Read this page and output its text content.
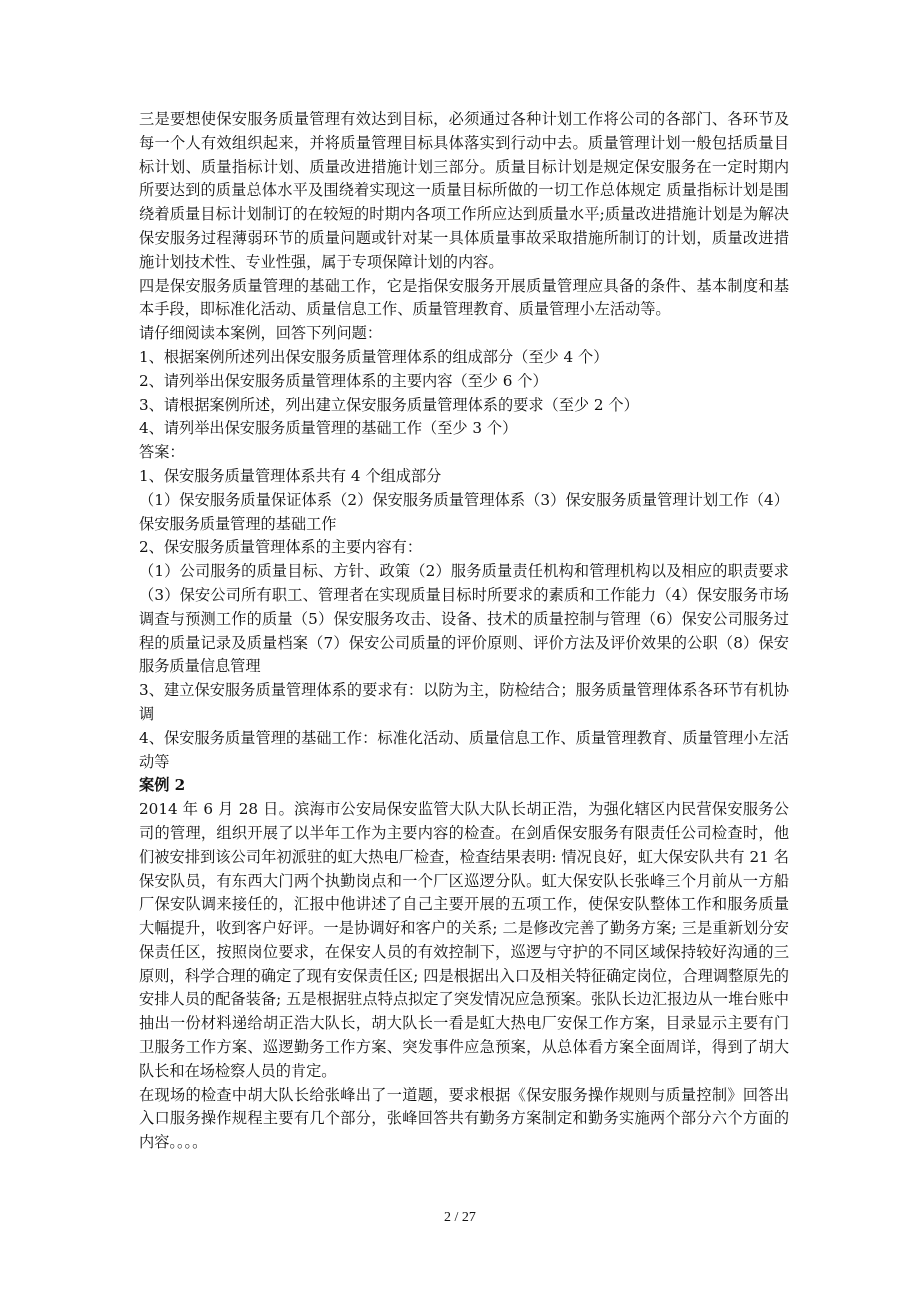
三是要想使保安服务质量管理有效达到目标，必须通过各种计划工作将公司的各部门、各环节及每一个人有效组织起来，并将质量管理目标具体落实到行动中去。质量管理计划一般包括质量目标计划、质量指标计划、质量改进措施计划三部分。质量目标计划是规定保安服务在一定时期内所要达到的质量总体水平及围绕着实现这一质量目标所做的一切工作总体规定 质量指标计划是围绕着质量目标计划制订的在较短的时期内各项工作所应达到质量水平;质量改进措施计划是为解决保安服务过程薄弱环节的质量问题或针对某一具体质量事故采取措施所制订的计划，质量改进措施计划技术性、专业性强，属于专项保障计划的内容。

四是保安服务质量管理的基础工作，它是指保安服务开展质量管理应具备的条件、基本制度和基本手段，即标准化活动、质量信息工作、质量管理教育、质量管理小左活动等。

请仔细阅读本案例，回答下列问题：

1、根据案例所述列出保安服务质量管理体系的组成部分（至少 4 个）

2、请列举出保安服务质量管理体系的主要内容（至少 6 个）

3、请根据案例所述，列出建立保安服务质量管理体系的要求（至少 2 个）

4、请列举出保安服务质量管理的基础工作（至少 3 个）

答案：

1、保安服务质量管理体系共有 4 个组成部分

（1）保安服务质量保证体系（2）保安服务质量管理体系（3）保安服务质量管理计划工作（4）保安服务质量管理的基础工作

2、保安服务质量管理体系的主要内容有：

（1）公司服务的质量目标、方针、政策（2）服务质量责任机构和管理机构以及相应的职责要求（3）保安公司所有职工、管理者在实现质量目标时所要求的素质和工作能力（4）保安服务市场调查与预测工作的质量（5）保安服务攻击、设备、技术的质量控制与管理（6）保安公司服务过程的质量记录及质量档案（7）保安公司质量的评价原则、评价方法及评价效果的公职（8）保安服务质量信息管理

3、建立保安服务质量管理体系的要求有：以防为主，防检结合；服务质量管理体系各环节有机协调

4、保安服务质量管理的基础工作：标准化活动、质量信息工作、质量管理教育、质量管理小左活动等

案例 2

2014 年 6 月 28 日。滨海市公安局保安监管大队大队长胡正浩，为强化辖区内民营保安服务公司的管理，组织开展了以半年工作为主要内容的检查。在剑盾保安服务有限责任公司检查时，他们被安排到该公司年初派驻的虹大热电厂检查，检查结果表明: 情况良好，虹大保安队共有 21 名保安队员，有东西大门两个执勤岗点和一个厂区巡逻分队。虹大保安队长张峰三个月前从一方船厂保安队调来接任的，汇报中他讲述了自己主要开展的五项工作，使保安队整体工作和服务质量大幅提升，收到客户好评。一是协调好和客户的关系; 二是修改完善了勤务方案; 三是重新划分安保责任区，按照岗位要求，在保安人员的有效控制下，巡逻与守护的不同区域保持较好沟通的三原则，科学合理的确定了现有安保责任区; 四是根据出入口及相关特征确定岗位，合理调整原先的安排人员的配备装备; 五是根据驻点特点拟定了突发情况应急预案。张队长边汇报边从一堆台账中抽出一份材料递给胡正浩大队长，胡大队长一看是虹大热电厂安保工作方案，目录显示主要有门卫服务工作方案、巡逻勤务工作方案、突发事件应急预案，从总体看方案全面周详，得到了胡大队长和在场检察人员的肯定。

在现场的检查中胡大队长给张峰出了一道题，要求根据《保安服务操作规则与质量控制》回答出入口服务操作规程主要有几个部分，张峰回答共有勤务方案制定和勤务实施两个部分六个方面的内容。。。。

2 / 27
